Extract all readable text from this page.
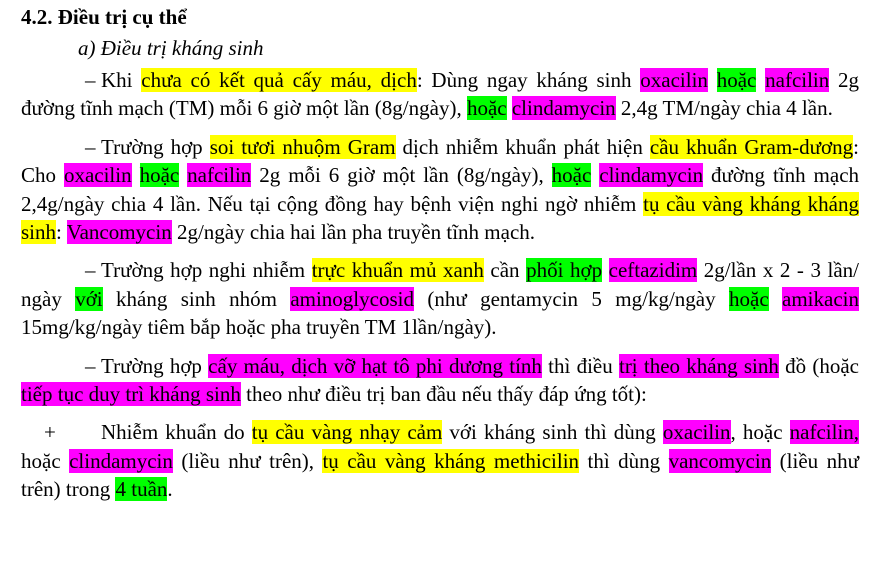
4.2. Điều trị cụ thể
a) Điều trị kháng sinh

– Khi chưa có kết quả cấy máu, dịch: Dùng ngay kháng sinh oxacilin hoặc nafcilin 2g đường tĩnh mạch (TM) mỗi 6 giờ một lần (8g/ngày), hoặc clindamycin 2,4g TM/ngày chia 4 lần.

– Trường hợp soi tươi nhuộm Gram dịch nhiễm khuẩn phát hiện cầu khuẩn Gram-dương: Cho oxacilin hoặc nafcilin 2g mỗi 6 giờ một lần (8g/ngày), hoặc clindamycin đường tĩnh mạch 2,4g/ngày chia 4 lần. Nếu tại cộng đồng hay bệnh viện nghi ngờ nhiễm tụ cầu vàng kháng kháng sinh: Vancomycin 2g/ngày chia hai lần pha truyền tĩnh mạch.

– Trường hợp nghi nhiễm trực khuẩn mủ xanh cần phối hợp ceftazidim 2g/lần x 2 - 3 lần/ ngày với kháng sinh nhóm aminoglycosid (như gentamycin 5 mg/kg/ngày hoặc amikacin 15mg/kg/ngày tiêm bắp hoặc pha truyền TM 1lần/ngày).

– Trường hợp cấy máu, dịch vỡ hạt tô phi dương tính thì điều trị theo kháng sinh đồ (hoặc tiếp tục duy trì kháng sinh theo như điều trị ban đầu nếu thấy đáp ứng tốt):

+ Nhiễm khuẩn do tụ cầu vàng nhạy cảm với kháng sinh thì dùng oxacilin, hoặc nafcilin, hoặc clindamycin (liều như trên), tụ cầu vàng kháng methicilin thì dùng vancomycin (liều như trên) trong 4 tuần.
